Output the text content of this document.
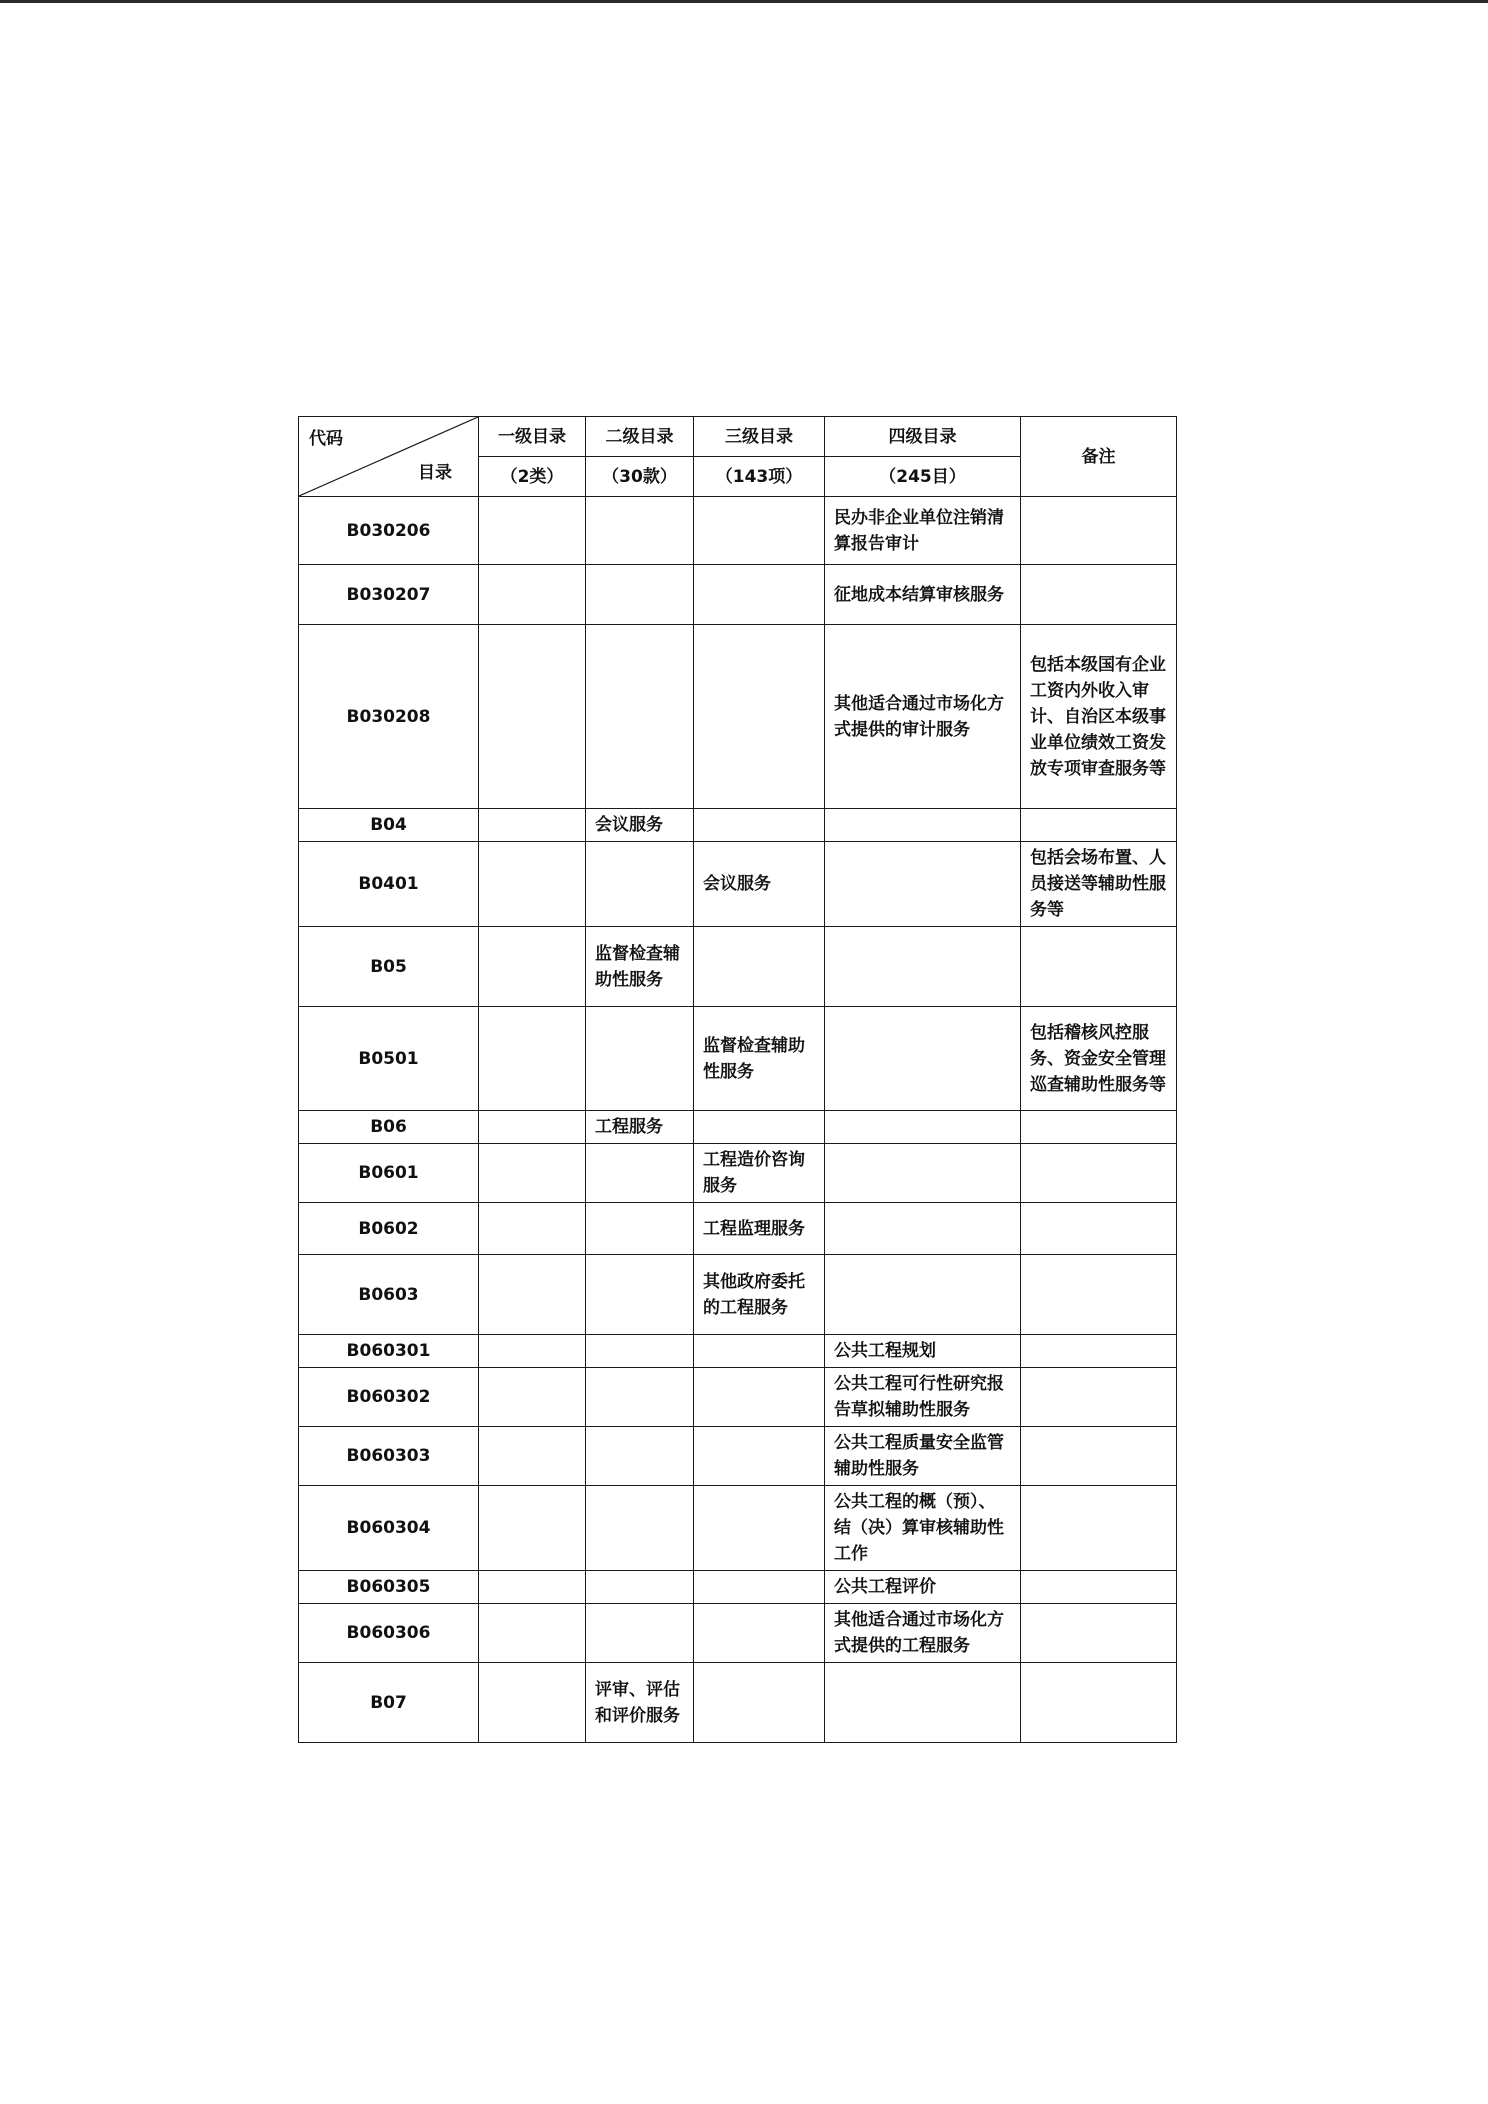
代码
目录	一级目录	二级目录	三级目录	四级目录	备注
	（2类）	（30款）	（143项）	（245目）	
B030206				民办非企业单位注销清算报告审计	
B030207				征地成本结算审核服务	
B030208				其他适合通过市场化方式提供的审计服务	包括本级国有企业工资内外收入审计、自治区本级事业单位绩效工资发放专项审查服务等
B04		会议服务			
B0401			会议服务		包括会场布置、人员接送等辅助性服务等
B05		监督检查辅助性服务			
B0501			监督检查辅助性服务		包括稽核风控服务、资金安全管理巡查辅助性服务等
B06		工程服务			
B0601			工程造价咨询服务		
B0602			工程监理服务		
B0603			其他政府委托的工程服务		
B060301				公共工程规划	
B060302				公共工程可行性研究报告草拟辅助性服务	
B060303				公共工程质量安全监管辅助性服务	
B060304				公共工程的概（预）、结（决）算审核辅助性工作	
B060305				公共工程评价	
B060306				其他适合通过市场化方式提供的工程服务	
B07		评审、评估和评价服务			
